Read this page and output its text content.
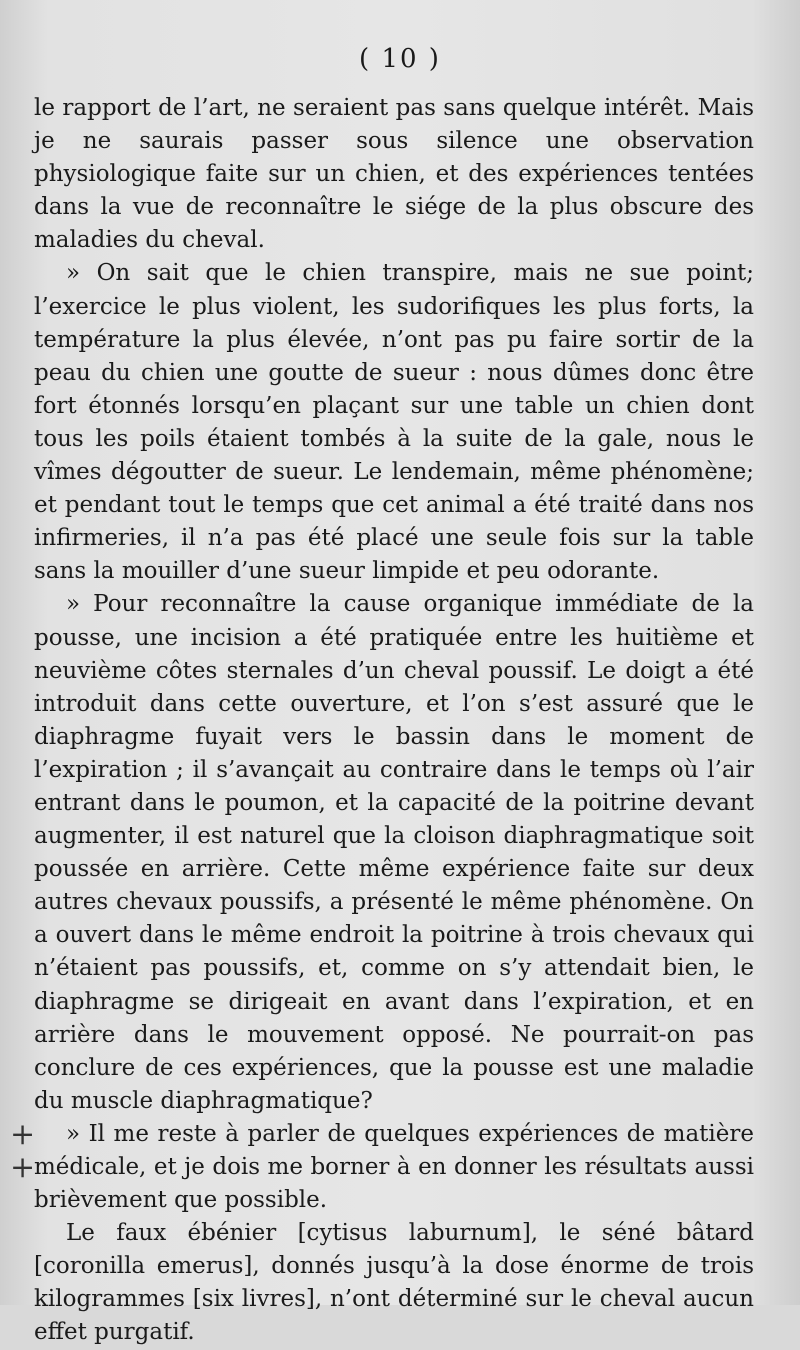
( 10 )

le rapport de l’art, ne seraient pas sans quelque intérêt. Mais je ne saurais passer sous silence une observation physiologique faite sur un chien, et des expériences tentées dans la vue de reconnaître le siége de la plus obscure des maladies du cheval.

» On sait que le chien transpire, mais ne sue point; l’exercice le plus violent, les sudorifiques les plus forts, la température la plus élevée, n’ont pas pu faire sortir de la peau du chien une goutte de sueur : nous dûmes donc être fort étonnés lorsqu’en plaçant sur une table un chien dont tous les poils étaient tombés à la suite de la gale, nous le vîmes dégoutter de sueur. Le lendemain, même phénomène; et pendant tout le temps que cet animal a été traité dans nos infirmeries, il n’a pas été placé une seule fois sur la table sans la mouiller d’une sueur limpide et peu odorante.

» Pour reconnaître la cause organique immédiate de la pousse, une incision a été pratiquée entre les huitième et neuvième côtes sternales d’un cheval poussif. Le doigt a été introduit dans cette ouverture, et l’on s’est assuré que le diaphragme fuyait vers le bassin dans le moment de l’expiration ; il s’avançait au contraire dans le temps où l’air entrant dans le poumon, et la capacité de la poitrine devant augmenter, il est naturel que la cloison diaphragmatique soit poussée en arrière. Cette même expérience faite sur deux autres chevaux poussifs, a présenté le même phénomène. On a ouvert dans le même endroit la poitrine à trois chevaux qui n’étaient pas poussifs, et, comme on s’y attendait bien, le diaphragme se dirigeait en avant dans l’expiration, et en arrière dans le mouvement opposé. Ne pourrait-on pas conclure de ces expériences, que la pousse est une maladie du muscle diaphragmatique?

» Il me reste à parler de quelques expériences de matière médicale, et je dois me borner à en donner les résultats aussi brièvement que possible.

Le faux ébénier [cytisus laburnum], le séné bâtard [coronilla emerus], donnés jusqu’à la dose énorme de trois kilogrammes [six livres], n’ont déterminé sur le cheval aucun effet purgatif.

+
+
